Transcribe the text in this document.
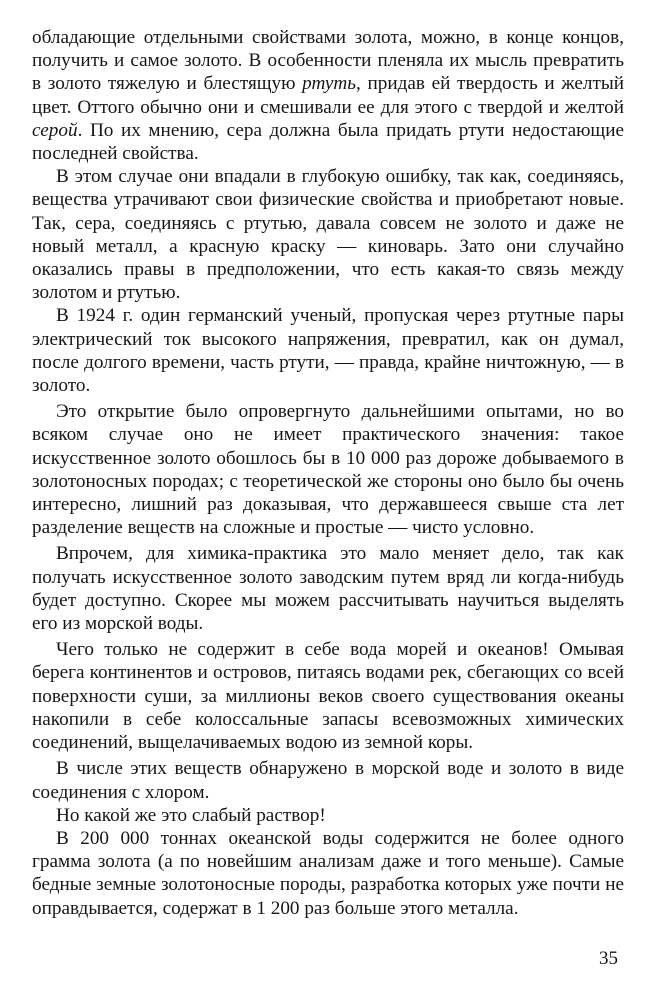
обладающие отдельными свойствами золота, можно, в конце концов, получить и самое золото. В особенности пленяла их мысль превратить в золото тяжелую и блестящую ртуть, придав ей твердость и желтый цвет. Оттого обычно они и смешивали ее для этого с твердой и желтой серой. По их мнению, сера должна была придать ртути недостающие последней свойства.

В этом случае они впадали в глубокую ошибку, так как, соединяясь, вещества утрачивают свои физические свойства и приобретают новые. Так, сера, соединяясь с ртутью, давала совсем не золото и даже не новый металл, а красную краску — киноварь. Зато они случайно оказались правы в предположении, что есть какая-то связь между золотом и ртутью.

В 1924 г. один германский ученый, пропуская через ртутные пары электрический ток высокого напряжения, превратил, как он думал, после долгого времени, часть ртути, — правда, крайне ничтожную, — в золото.

Это открытие было опровергнуто дальнейшими опытами, но во всяком случае оно не имеет практического значения: такое искусственное золото обошлось бы в 10 000 раз дороже добываемого в золотоносных породах; с теоретической же стороны оно было бы очень интересно, лишний раз доказывая, что державшееся свыше ста лет разделение веществ на сложные и простые — чисто условно.

Впрочем, для химика-практика это мало меняет дело, так как получать искусственное золото заводским путем вряд ли когда-нибудь будет доступно. Скорее мы можем рассчитывать научиться выделять его из морской воды.

Чего только не содержит в себе вода морей и океанов! Омывая берега континентов и островов, питаясь водами рек, сбегающих со всей поверхности суши, за миллионы веков своего существования океаны накопили в себе колоссальные запасы всевозможных химических соединений, выщелачиваемых водою из земной коры.

В числе этих веществ обнаружено в морской воде и золото в виде соединения с хлором.

Но какой же это слабый раствор!

В 200 000 тоннах океанской воды содержится не более одного грамма золота (а по новейшим анализам даже и того меньше). Самые бедные земные золотоносные породы, разработка которых уже почти не оправдывается, содержат в 1 200 раз больше этого металла.

35
